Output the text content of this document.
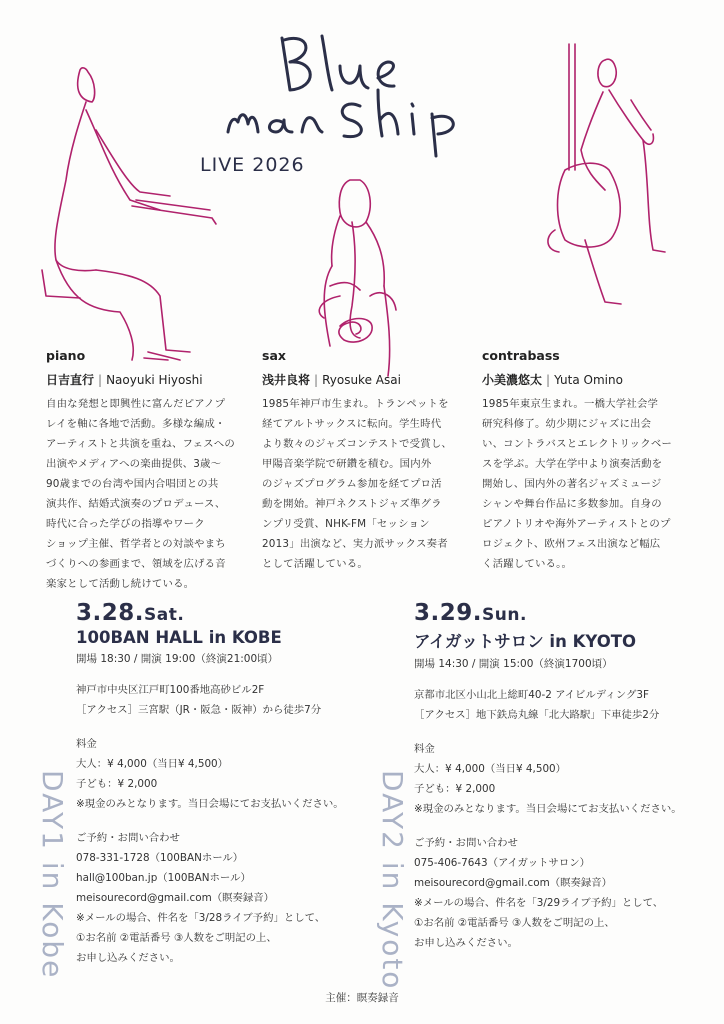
LIVE 2026
piano
日吉直行 | Naoyuki Hiyoshi
自由な発想と即興性に富んだピアノプ
レイを軸に各地で活動。多様な編成・
アーティストと共演を重ね、フェスへの
出演やメディアへの楽曲提供、3歳〜
90歳までの台湾や国内合唱団との共
演共作、結婚式演奏のプロデュース、
時代に合った学びの指導やワーク
ショップ主催、哲学者との対談やまち
づくりへの参画まで、領域を広げる音
楽家として活動し続けている。
sax
浅井良将 | Ryosuke Asai
1985年神戸市生まれ。トランペットを
経てアルトサックスに転向。学生時代
より数々のジャズコンテストで受賞し、
甲陽音楽学院で研鑽を積む。国内外
のジャズプログラム参加を経てプロ活
動を開始。神戸ネクストジャズ準グラ
ンプリ受賞、NHK-FM「セッション
2013」出演など、実力派サックス奏者
として活躍している。
contrabass
小美濃悠太 | Yuta Omino
1985年東京生まれ。一橋大学社会学
研究科修了。幼少期にジャズに出会
い、コントラバスとエレクトリックベー
スを学ぶ。大学在学中より演奏活動を
開始し、国内外の著名ジャズミュージ
シャンや舞台作品に多数参加。自身の
ピアノトリオや海外アーティストとのプ
ロジェクト、欧州フェス出演など幅広
く活躍している。。
DAY1 in Kobe	DAY2 in Kyoto
3.28.Sat.
100BAN HALL in KOBE
開場 18:30 / 開演 19:00（終演21:00頃）
神戸市中央区江戸町100番地高砂ビル2F
［アクセス］三宮駅（JR・阪急・阪神）から徒歩7分
料金
大人：¥ 4,000（当日¥ 4,500）
子ども：¥ 2,000
※現金のみとなります。当日会場にてお支払いください。
ご予約・お問い合わせ
078-331-1728（100BANホール）
hall@100ban.jp（100BANホール）
meisourecord@gmail.com（瞑奏録音）
※メールの場合、件名を「3/28ライブ予約」として、
①お名前 ②電話番号 ③人数をご明記の上、
お申し込みください。
3.29.Sun.
アイガットサロン in KYOTO
開場 14:30 / 開演 15:00（終演1700頃）
京都市北区小山北上総町40-2 アイビルディング3F
［アクセス］地下鉄烏丸線「北大路駅」下車徒歩2分
料金
大人：¥ 4,000（当日¥ 4,500）
子ども：¥ 2,000
※現金のみとなります。当日会場にてお支払いください。
ご予約・お問い合わせ
075-406-7643（アイガットサロン）
meisourecord@gmail.com（瞑奏録音）
※メールの場合、件名を「3/29ライブ予約」として、
①お名前 ②電話番号 ③人数をご明記の上、
お申し込みください。
主催：瞑奏録音
